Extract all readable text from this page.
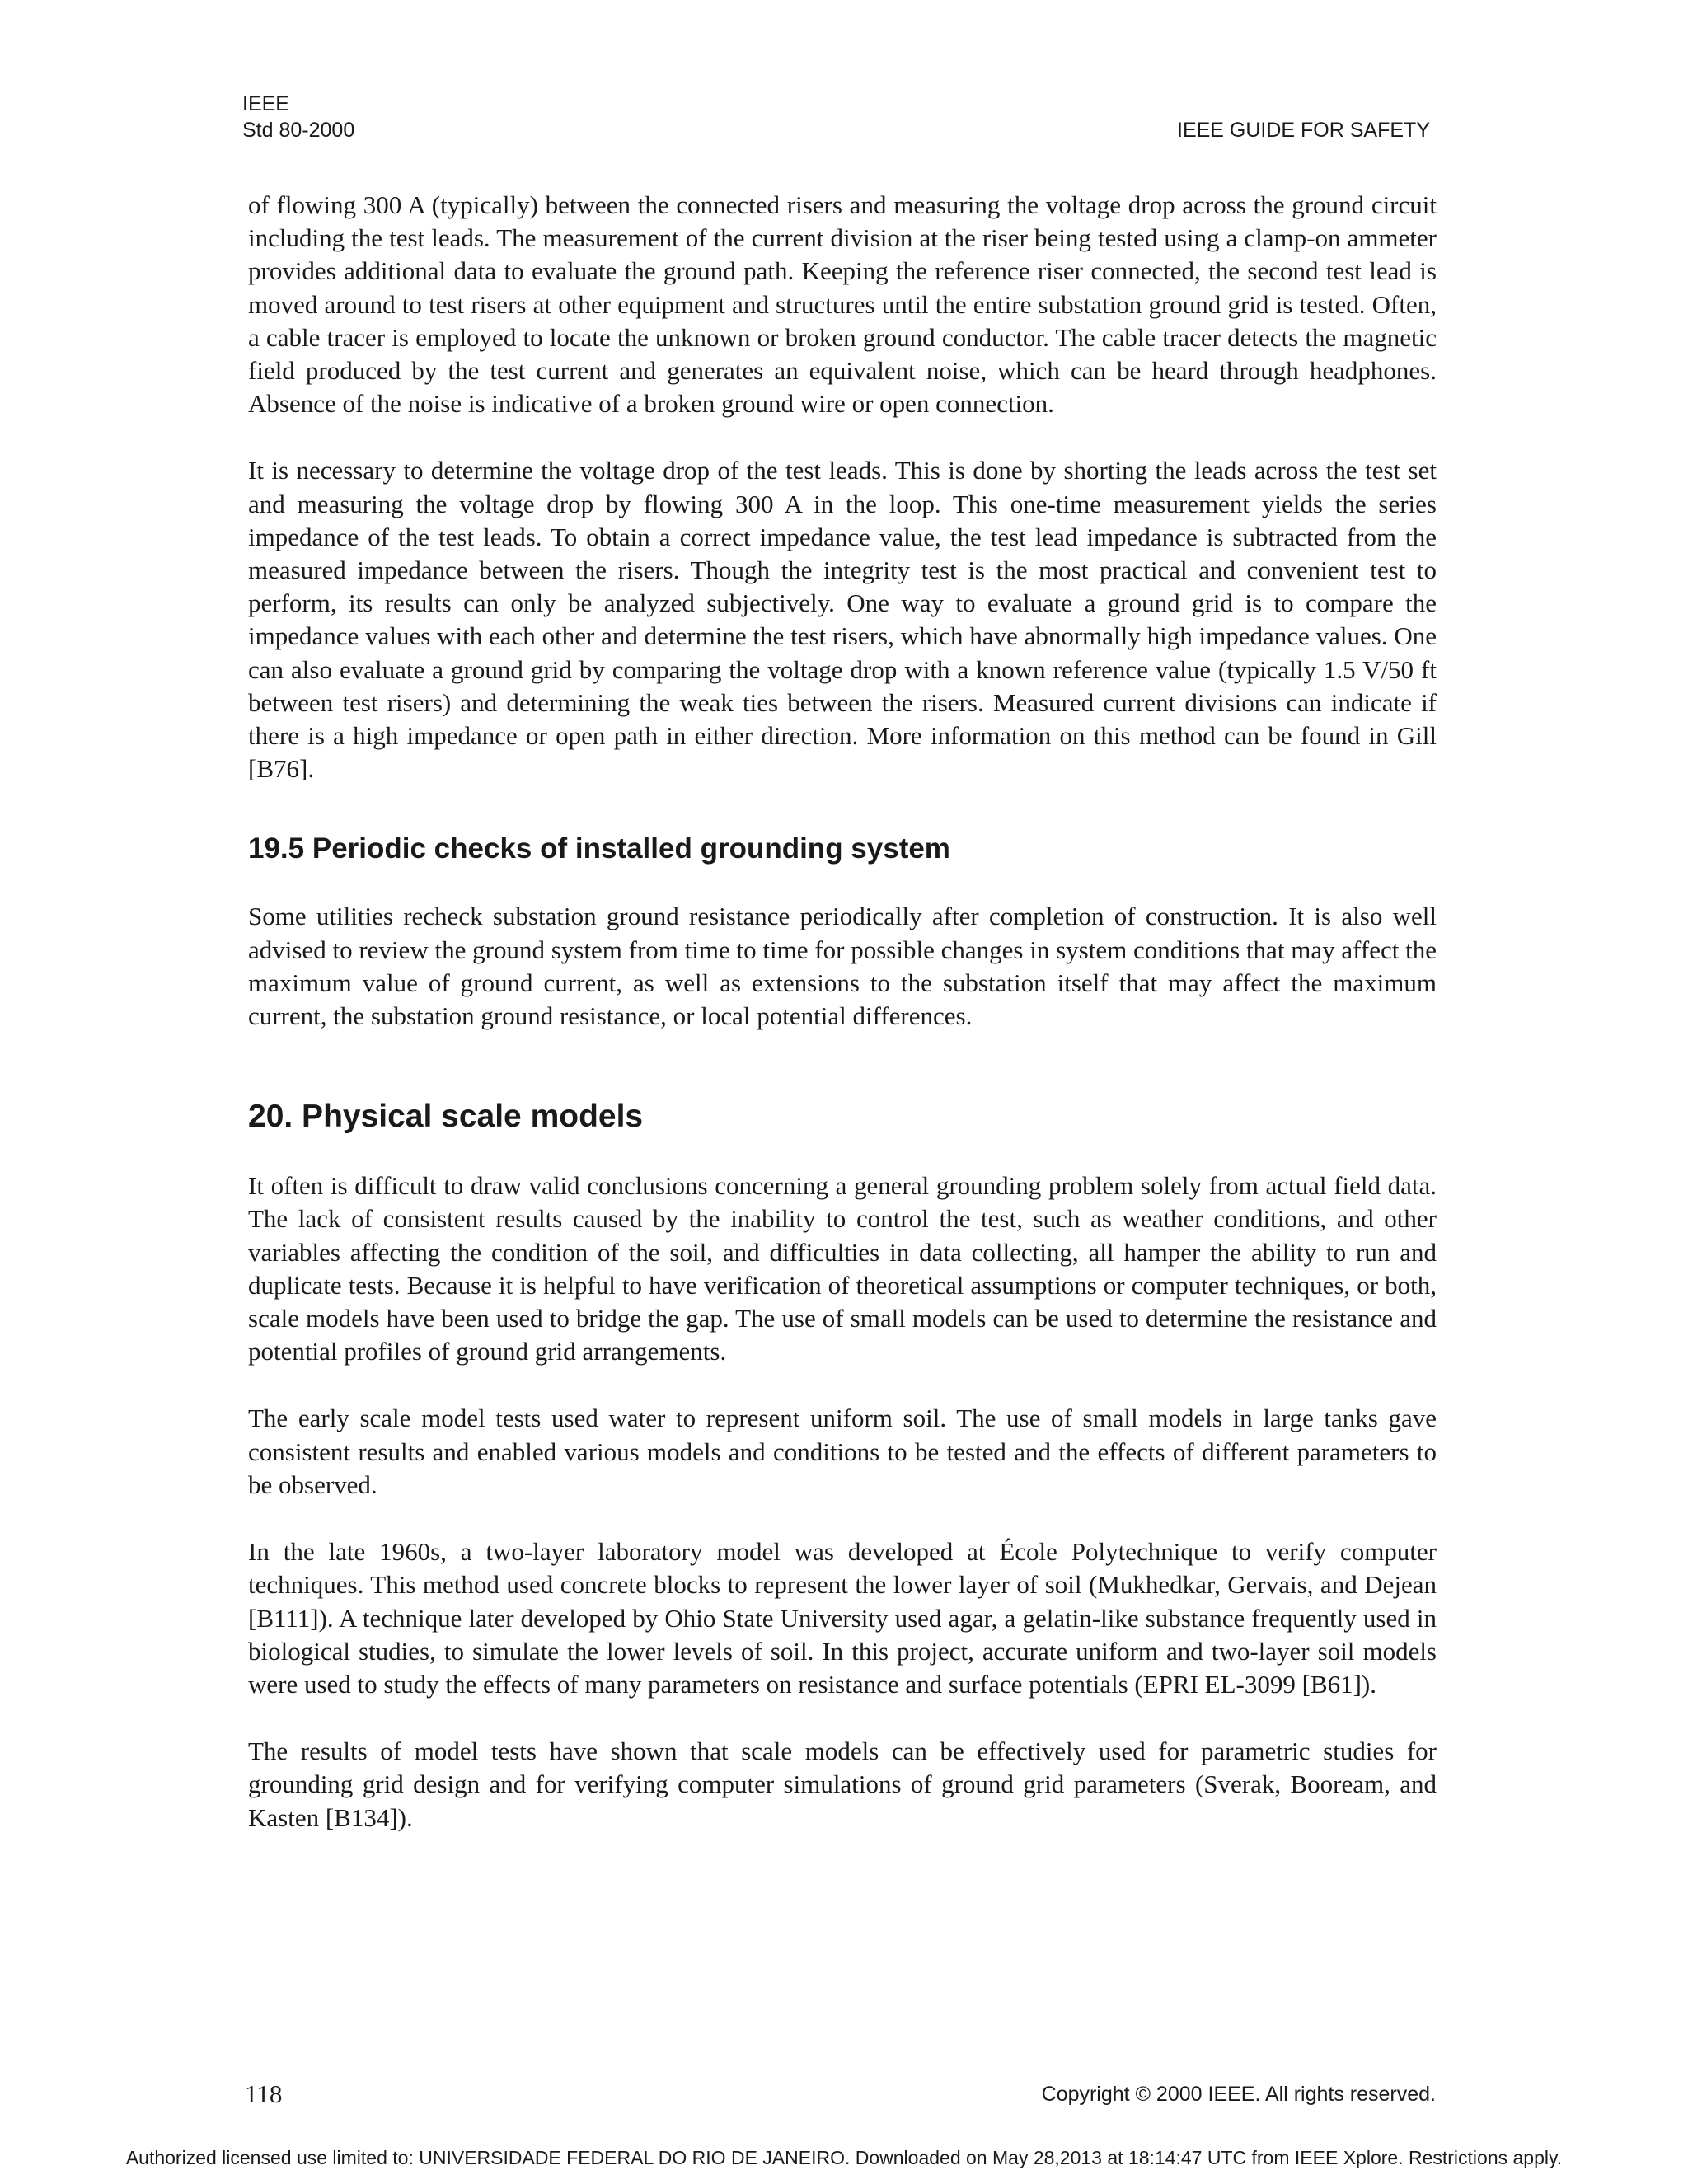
IEEE
Std 80-2000	IEEE GUIDE FOR SAFETY

of flowing 300 A (typically) between the connected risers and measuring the voltage drop across the ground circuit including the test leads. The measurement of the current division at the riser being tested using a clamp-on ammeter provides additional data to evaluate the ground path. Keeping the reference riser connected, the second test lead is moved around to test risers at other equipment and structures until the entire substation ground grid is tested. Often, a cable tracer is employed to locate the unknown or broken ground conductor. The cable tracer detects the magnetic field produced by the test current and generates an equivalent noise, which can be heard through headphones. Absence of the noise is indicative of a broken ground wire or open connection.

It is necessary to determine the voltage drop of the test leads. This is done by shorting the leads across the test set and measuring the voltage drop by flowing 300 A in the loop. This one-time measurement yields the series impedance of the test leads. To obtain a correct impedance value, the test lead impedance is subtracted from the measured impedance between the risers. Though the integrity test is the most practical and convenient test to perform, its results can only be analyzed subjectively. One way to evaluate a ground grid is to compare the impedance values with each other and determine the test risers, which have abnormally high impedance values. One can also evaluate a ground grid by comparing the voltage drop with a known reference value (typically 1.5 V/50 ft between test risers) and determining the weak ties between the risers. Measured current divisions can indicate if there is a high impedance or open path in either direction. More information on this method can be found in Gill [B76].

19.5 Periodic checks of installed grounding system

Some utilities recheck substation ground resistance periodically after completion of construction. It is also well advised to review the ground system from time to time for possible changes in system conditions that may affect the maximum value of ground current, as well as extensions to the substation itself that may affect the maximum current, the substation ground resistance, or local potential differences.

20. Physical scale models

It often is difficult to draw valid conclusions concerning a general grounding problem solely from actual field data. The lack of consistent results caused by the inability to control the test, such as weather conditions, and other variables affecting the condition of the soil, and difficulties in data collecting, all hamper the ability to run and duplicate tests. Because it is helpful to have verification of theoretical assumptions or computer techniques, or both, scale models have been used to bridge the gap. The use of small models can be used to determine the resistance and potential profiles of ground grid arrangements.

The early scale model tests used water to represent uniform soil. The use of small models in large tanks gave consistent results and enabled various models and conditions to be tested and the effects of different parameters to be observed.

In the late 1960s, a two-layer laboratory model was developed at École Polytechnique to verify computer techniques. This method used concrete blocks to represent the lower layer of soil (Mukhedkar, Gervais, and Dejean [B111]). A technique later developed by Ohio State University used agar, a gelatin-like substance frequently used in biological studies, to simulate the lower levels of soil. In this project, accurate uniform and two-layer soil models were used to study the effects of many parameters on resistance and surface potentials (EPRI EL-3099 [B61]).

The results of model tests have shown that scale models can be effectively used for parametric studies for grounding grid design and for verifying computer simulations of ground grid parameters (Sverak, Booream, and Kasten [B134]).

118	Copyright © 2000 IEEE. All rights reserved.
Authorized licensed use limited to: UNIVERSIDADE FEDERAL DO RIO DE JANEIRO. Downloaded on May 28,2013 at 18:14:47 UTC from IEEE Xplore. Restrictions apply.
